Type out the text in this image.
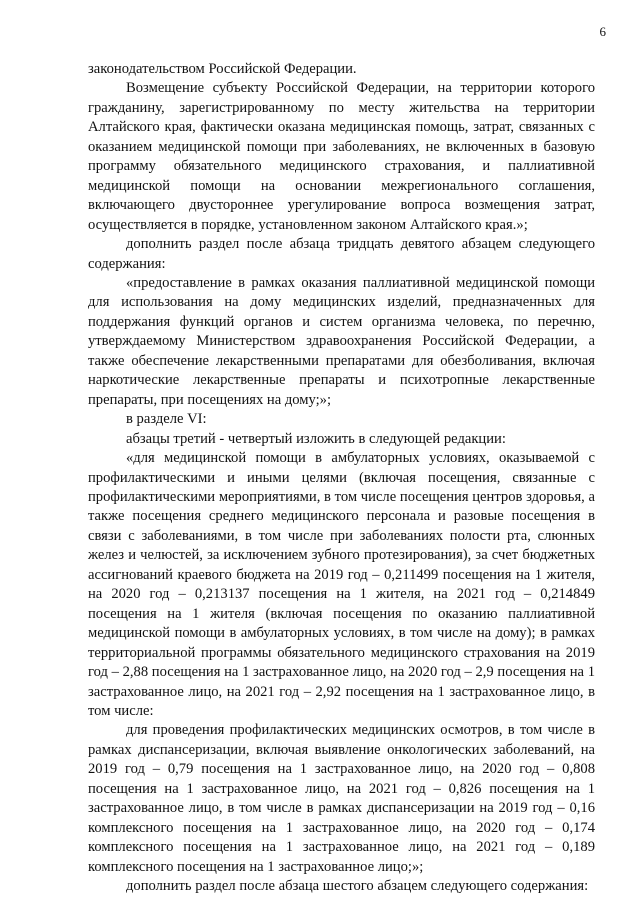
6

законодательством Российской Федерации.

Возмещение субъекту Российской Федерации, на территории которого гражданину, зарегистрированному по месту жительства на территории Алтайского края, фактически оказана медицинская помощь, затрат, связанных с оказанием медицинской помощи при заболеваниях, не включенных в базовую программу обязательного медицинского страхования, и паллиативной медицинской помощи на основании межрегионального соглашения, включающего двустороннее урегулирование вопроса возмещения затрат, осуществляется в порядке, установленном законом Алтайского края.»;

дополнить раздел после абзаца тридцать девятого абзацем следующего содержания:

«предоставление в рамках оказания паллиативной медицинской помощи для использования на дому медицинских изделий, предназначенных для поддержания функций органов и систем организма человека, по перечню, утверждаемому Министерством здравоохранения Российской Федерации, а также обеспечение лекарственными препаратами для обезболивания, включая наркотические лекарственные препараты и психотропные лекарственные препараты, при посещениях на дому;»;

в разделе VI:

абзацы третий - четвертый изложить в следующей редакции:

«для медицинской помощи в амбулаторных условиях, оказываемой с профилактическими и иными целями (включая посещения, связанные с профилактическими мероприятиями, в том числе посещения центров здоровья, а также посещения среднего медицинского персонала и разовые посещения в связи с заболеваниями, в том числе при заболеваниях полости рта, слюнных желез и челюстей, за исключением зубного протезирования), за счет бюджетных ассигнований краевого бюджета на 2019 год – 0,211499 посещения на 1 жителя, на 2020 год – 0,213137 посещения на 1 жителя, на 2021 год – 0,214849 посещения на 1 жителя (включая посещения по оказанию паллиативной медицинской помощи в амбулаторных условиях, в том числе на дому); в рамках территориальной программы обязательного медицинского страхования на 2019 год – 2,88 посещения на 1 застрахованное лицо, на 2020 год – 2,9 посещения на 1 застрахованное лицо, на 2021 год – 2,92 посещения на 1 застрахованное лицо, в том числе:

для проведения профилактических медицинских осмотров, в том числе в рамках диспансеризации, включая выявление онкологических заболеваний, на 2019 год – 0,79 посещения на 1 застрахованное лицо, на 2020 год – 0,808 посещения на 1 застрахованное лицо, на 2021 год – 0,826 посещения на 1 застрахованное лицо, в том числе в рамках диспансеризации на 2019 год – 0,16 комплексного посещения на 1 застрахованное лицо, на 2020 год – 0,174 комплексного посещения на 1 застрахованное лицо, на 2021 год – 0,189 комплексного посещения на 1 застрахованное лицо;»;

дополнить раздел после абзаца шестого абзацем следующего содержания:
